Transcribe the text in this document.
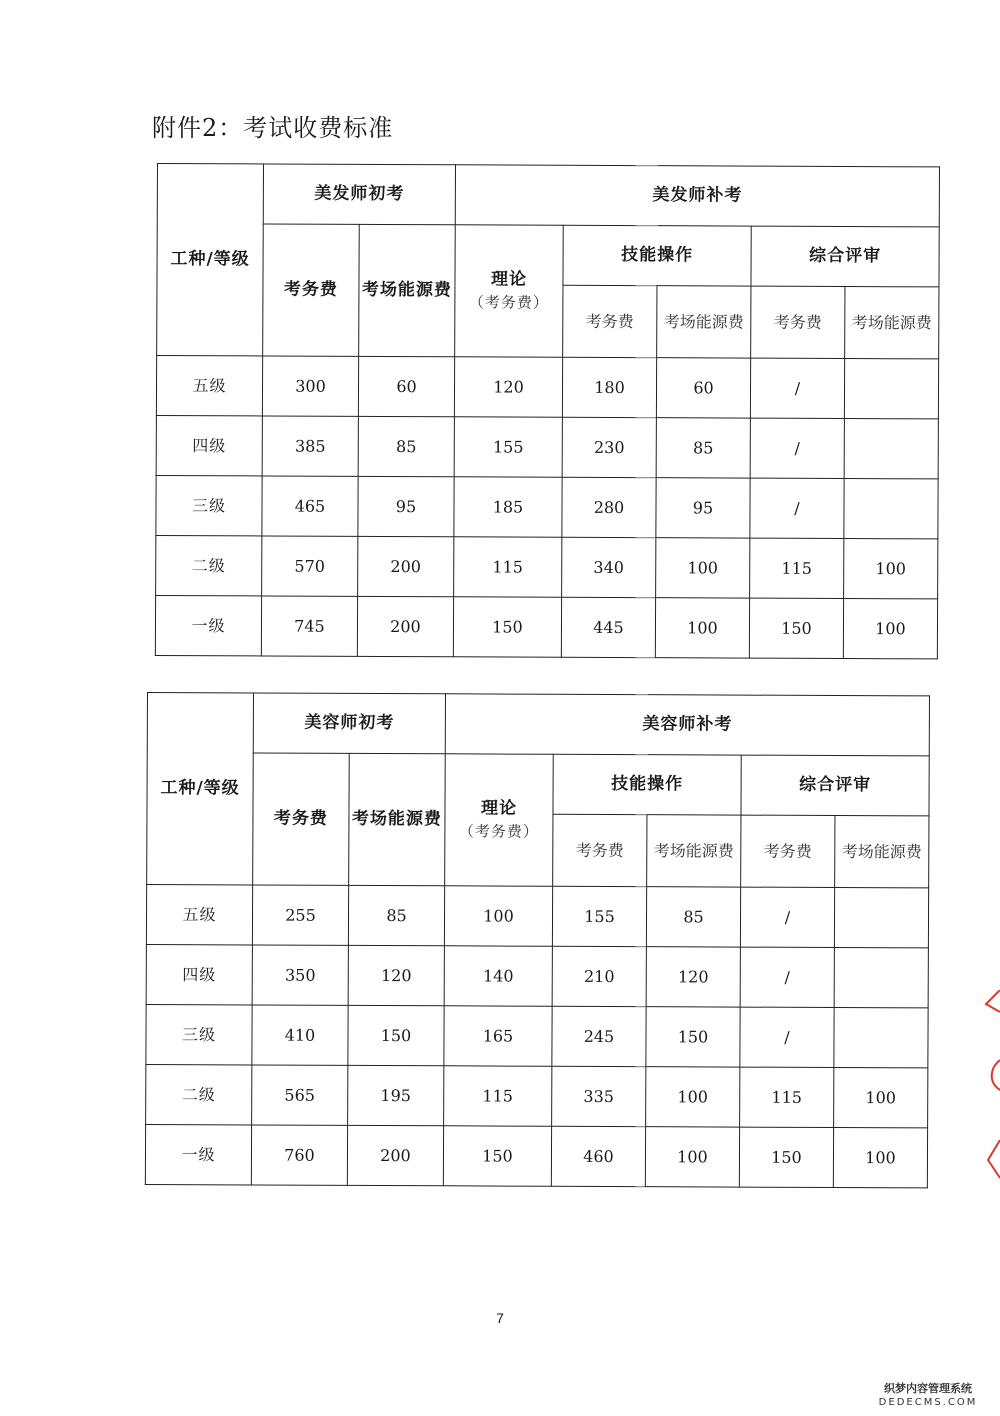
附件2：考试收费标准
工种/等级	美发师初考		美发师补考				
	考务费	考场能源费	理论
（考务费）	技能操作		综合评审	
				考务费	考场能源费	考务费	考场能源费
五级	300	60	120	180	60	/	
四级	385	85	155	230	85	/	
三级	465	95	185	280	95	/	
二级	570	200	115	340	100	115	100
一级	745	200	150	445	100	150	100
工种/等级	美容师初考		美容师补考				
	考务费	考场能源费	理论
（考务费）	技能操作		综合评审	
				考务费	考场能源费	考务费	考场能源费
五级	255	85	100	155	85	/	
四级	350	120	140	210	120	/	
三级	410	150	165	245	150	/	
二级	565	195	115	335	100	115	100
一级	760	200	150	460	100	150	100
7
织梦内容管理系统
DEDECMS.COM
